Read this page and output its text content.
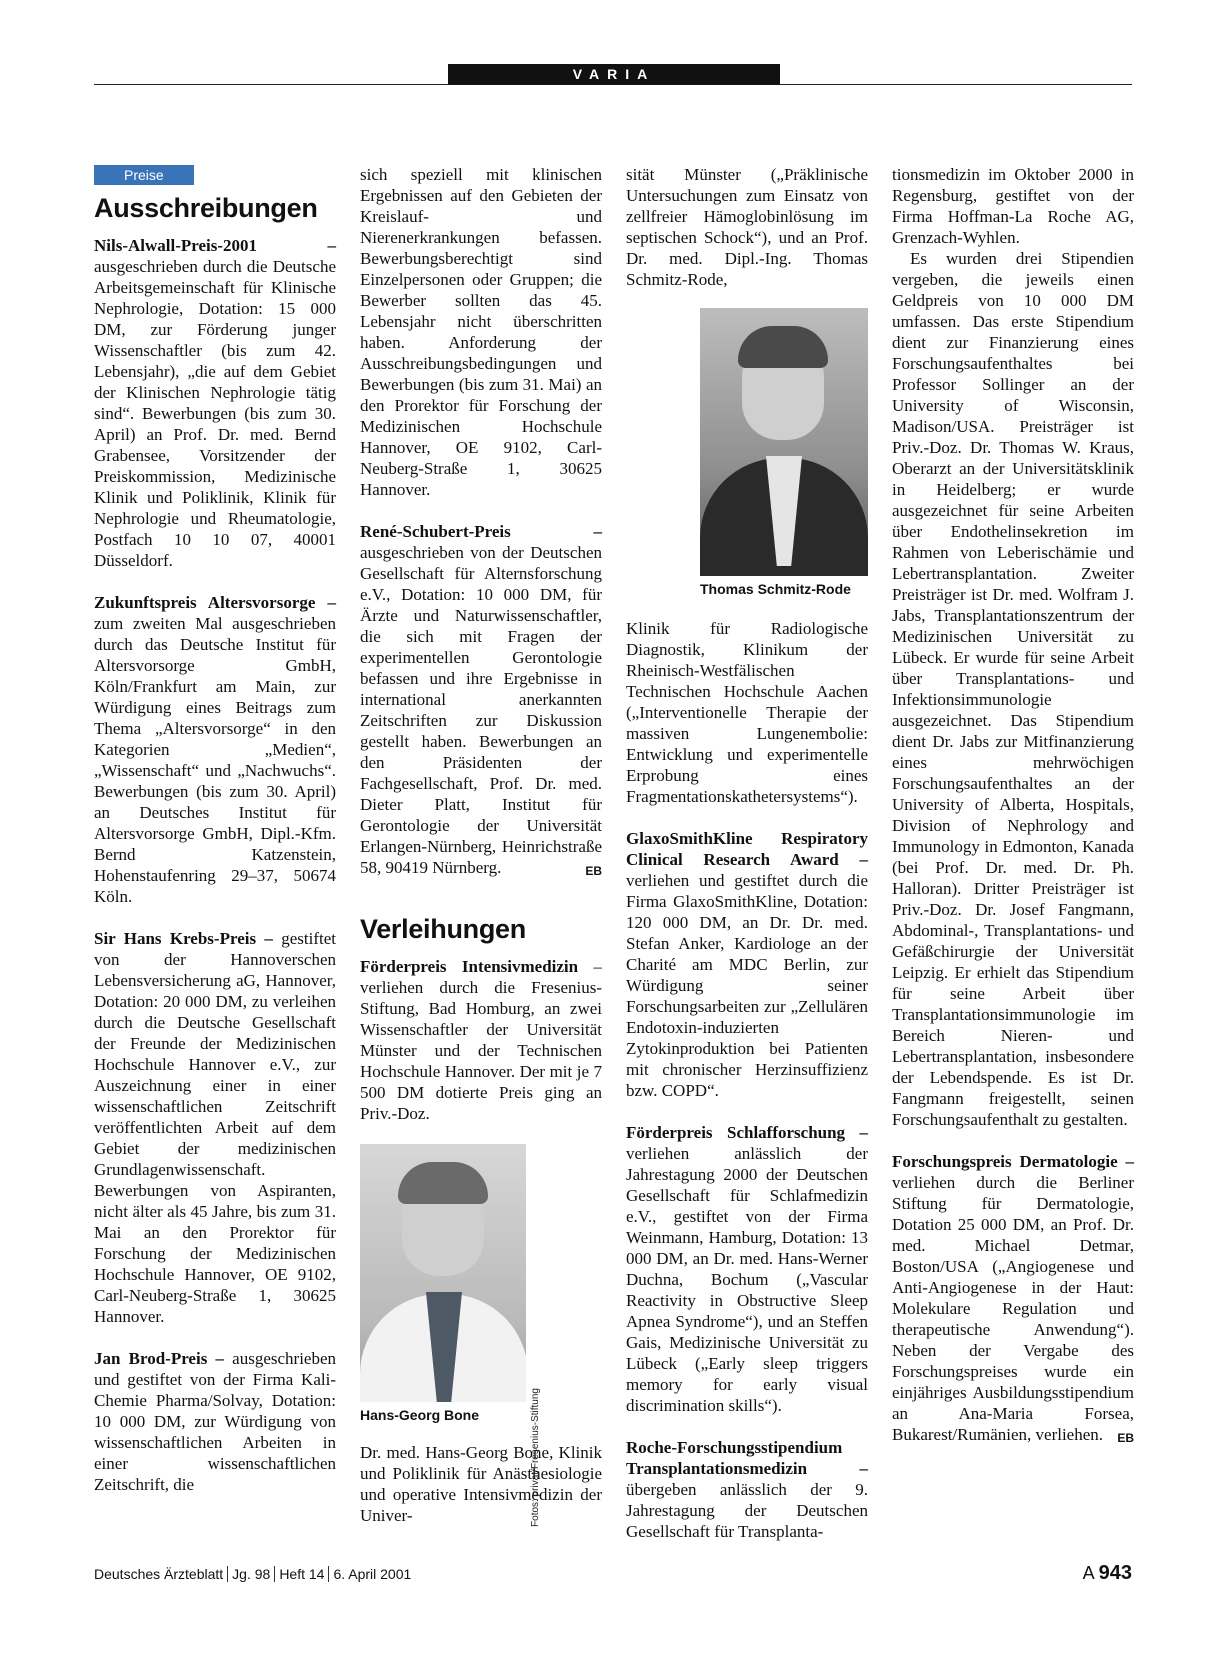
VARIA
Preise
Ausschreibungen

Nils-Alwall-Preis-2001 – ausgeschrieben durch die Deutsche Arbeitsgemeinschaft für Klinische Nephrologie, Dotation: 15 000 DM, zur Förderung junger Wissenschaftler (bis zum 42. Lebensjahr), „die auf dem Gebiet der Klinischen Nephrologie tätig sind“. Bewerbungen (bis zum 30. April) an Prof. Dr. med. Bernd Grabensee, Vorsitzender der Preiskommission, Medizinische Klinik und Poliklinik, Klinik für Nephrologie und Rheumatologie, Postfach 10 10 07, 40001 Düsseldorf.

Zukunftspreis Altersvorsorge – zum zweiten Mal ausgeschrieben durch das Deutsche Institut für Altersvorsorge GmbH, Köln/Frankfurt am Main, zur Würdigung eines Beitrags zum Thema „Altersvorsorge“ in den Kategorien „Medien“, „Wissenschaft“ und „Nachwuchs“. Bewerbungen (bis zum 30. April) an Deutsches Institut für Altersvorsorge GmbH, Dipl.-Kfm. Bernd Katzenstein, Hohenstaufenring 29–37, 50674 Köln.

Sir Hans Krebs-Preis – gestiftet von der Hannoverschen Lebensversicherung aG, Hannover, Dotation: 20 000 DM, zu verleihen durch die Deutsche Gesellschaft der Freunde der Medizinischen Hochschule Hannover e.V., zur Auszeichnung einer in einer wissenschaftlichen Zeitschrift veröffentlichten Arbeit auf dem Gebiet der medizinischen Grundlagenwissenschaft. Bewerbungen von Aspiranten, nicht älter als 45 Jahre, bis zum 31. Mai an den Prorektor für Forschung der Medizinischen Hochschule Hannover, OE 9102, Carl-Neuberg-Straße 1, 30625 Hannover.

Jan Brod-Preis – ausgeschrieben und gestiftet von der Firma Kali-Chemie Pharma/Solvay, Dotation: 10 000 DM, zur Würdigung von wissenschaftlichen Arbeiten in einer wissenschaftlichen Zeitschrift, die

sich speziell mit klinischen Ergebnissen auf den Gebieten der Kreislauf- und Nierenerkrankungen befassen. Bewerbungsberechtigt sind Einzelpersonen oder Gruppen; die Bewerber sollten das 45. Lebensjahr nicht überschritten haben. Anforderung der Ausschreibungsbedingungen und Bewerbungen (bis zum 31. Mai) an den Prorektor für Forschung der Medizinischen Hochschule Hannover, OE 9102, Carl-Neuberg-Straße 1, 30625 Hannover.

René-Schubert-Preis – ausgeschrieben von der Deutschen Gesellschaft für Alternsforschung e.V., Dotation: 10 000 DM, für Ärzte und Naturwissenschaftler, die sich mit Fragen der experimentellen Gerontologie befassen und ihre Ergebnisse in international anerkannten Zeitschriften zur Diskussion gestellt haben. Bewerbungen an den Präsidenten der Fachgesellschaft, Prof. Dr. med. Dieter Platt, Institut für Gerontologie der Universität Erlangen-Nürnberg, Heinrichstraße 58, 90419 Nürnberg.	EB

Verleihungen

Förderpreis Intensivmedizin – verliehen durch die Fresenius-Stiftung, Bad Homburg, an zwei Wissenschaftler der Universität Münster und der Technischen Hochschule Hannover. Der mit je 7 500 DM dotierte Preis ging an Priv.-Doz.

Fotos: privat/Fresenius-Stiftung
Hans-Georg Bone

Dr. med. Hans-Georg Bone, Klinik und Poliklinik für Anästhesiologie und operative Intensivmedizin der Univer-

sität Münster („Präklinische Untersuchungen zum Einsatz von zellfreier Hämoglobinlösung im septischen Schock“), und an Prof. Dr. med. Dipl.-Ing. Thomas Schmitz-Rode,

Thomas Schmitz-Rode

Klinik für Radiologische Diagnostik, Klinikum der Rheinisch-Westfälischen Technischen Hochschule Aachen („Interventionelle Therapie der massiven Lungenembolie: Entwicklung und experimentelle Erprobung eines Fragmentationskathetersystems“).

GlaxoSmithKline Respiratory Clinical Research Award – verliehen und gestiftet durch die Firma GlaxoSmithKline, Dotation: 120 000 DM, an Dr. Dr. med. Stefan Anker, Kardiologe an der Charité am MDC Berlin, zur Würdigung seiner Forschungsarbeiten zur „Zellulären Endotoxin-induzierten Zytokinproduktion bei Patienten mit chronischer Herzinsuffizienz bzw. COPD“.

Förderpreis Schlafforschung – verliehen anlässlich der Jahrestagung 2000 der Deutschen Gesellschaft für Schlafmedizin e.V., gestiftet von der Firma Weinmann, Hamburg, Dotation: 13 000 DM, an Dr. med. Hans-Werner Duchna, Bochum („Vascular Reactivity in Obstructive Sleep Apnea Syndrome“), und an Steffen Gais, Medizinische Universität zu Lübeck („Early sleep triggers memory for early visual discrimination skills“).

Roche-Forschungsstipendium Transplantationsmedizin – übergeben anlässlich der 9. Jahrestagung der Deutschen Gesellschaft für Transplanta-

tionsmedizin im Oktober 2000 in Regensburg, gestiftet von der Firma Hoffman-La Roche AG, Grenzach-Wyhlen.

Es wurden drei Stipendien vergeben, die jeweils einen Geldpreis von 10 000 DM umfassen. Das erste Stipendium dient zur Finanzierung eines Forschungsaufenthaltes bei Professor Sollinger an der University of Wisconsin, Madison/USA. Preisträger ist Priv.-Doz. Dr. Thomas W. Kraus, Oberarzt an der Universitätsklinik in Heidelberg; er wurde ausgezeichnet für seine Arbeiten über Endothelinsekretion im Rahmen von Leberischämie und Lebertransplantation. Zweiter Preisträger ist Dr. med. Wolfram J. Jabs, Transplantationszentrum der Medizinischen Universität zu Lübeck. Er wurde für seine Arbeit über Transplantations- und Infektionsimmunologie ausgezeichnet. Das Stipendium dient Dr. Jabs zur Mitfinanzierung eines mehrwöchigen Forschungsaufenthaltes an der University of Alberta, Hospitals, Division of Nephrology and Immunology in Edmonton, Kanada (bei Prof. Dr. med. Dr. Ph. Halloran). Dritter Preisträger ist Priv.-Doz. Dr. Josef Fangmann, Abdominal-, Transplantations- und Gefäßchirurgie der Universität Leipzig. Er erhielt das Stipendium für seine Arbeit über Transplantationsimmunologie im Bereich Nieren- und Lebertransplantation, insbesondere der Lebendspende. Es ist Dr. Fangmann freigestellt, seinen Forschungsaufenthalt zu gestalten.

Forschungspreis Dermatologie – verliehen durch die Berliner Stiftung für Dermatologie, Dotation 25 000 DM, an Prof. Dr. med. Michael Detmar, Boston/USA („Angiogenese und Anti-Angiogenese in der Haut: Molekulare Regulation und therapeutische Anwendung“). Neben der Vergabe des Forschungspreises wurde ein einjähriges Ausbildungsstipendium an Ana-Maria Forsea, Bukarest/Rumänien, verliehen. EB

Deutsches Ärzteblatt Jg. 98 Heft 14 6. April 2001	A 943
